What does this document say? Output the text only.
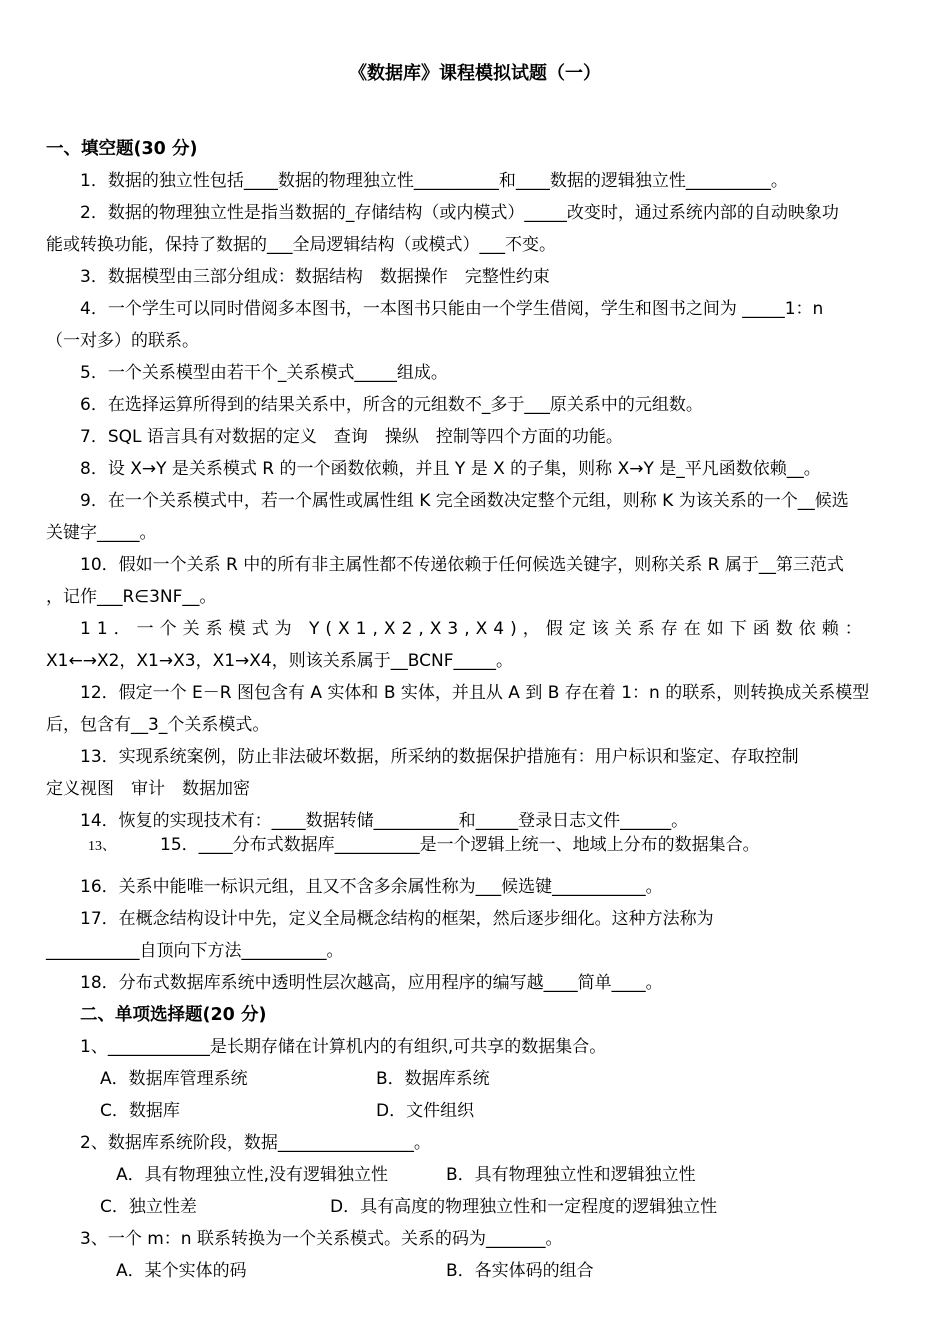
《数据库》课程模拟试题（一）
一、填空题(30 分)
1．数据的独立性包括____数据的物理独立性__________和____数据的逻辑独立性__________。
2．数据的物理独立性是指当数据的_存储结构（或内模式）_____改变时，通过系统内部的自动映象功
能或转换功能，保持了数据的___全局逻辑结构（或模式）___不变。
3．数据模型由三部分组成：数据结构　数据操作　完整性约束
4．一个学生可以同时借阅多本图书，一本图书只能由一个学生借阅，学生和图书之间为 _____1：n
（一对多）的联系。
5．一个关系模型由若干个_关系模式_____组成。
6．在选择运算所得到的结果关系中，所含的元组数不_多于___原关系中的元组数。
7．SQL 语言具有对数据的定义　查询　操纵　控制等四个方面的功能。
8．设 X→Y 是关系模式 R 的一个函数依赖，并且 Y 是 X 的子集，则称 X→Y 是_平凡函数依赖__。
9．在一个关系模式中，若一个属性或属性组 K 完全函数决定整个元组，则称 K 为该关系的一个__候选
关键字_____。
10．假如一个关系 R 中的所有非主属性都不传递依赖于任何候选关键字，则称关系 R 属于__第三范式
，记作___R∈3NF__。
11．一个关系模式为 Y(X1,X2,X3,X4)，假定该关系存在如下函数依赖：
X1←→X2，X1→X3，X1→X4，则该关系属于__BCNF_____。
12．假定一个 E－R 图包含有 A 实体和 B 实体，并且从 A 到 B 存在着 1：n 的联系，则转换成关系模型
后，包含有__3_个关系模式。
13．实现系统案例，防止非法破坏数据，所采纳的数据保护措施有：用户标识和鉴定、存取控制
定义视图　审计　数据加密
14．恢复的实现技术有：____数据转储__________和_____登录日志文件______。
13、	15．____分布式数据库__________是一个逻辑上统一、地域上分布的数据集合。
16．关系中能唯一标识元组，且又不含多余属性称为___候选键___________。
17．在概念结构设计中先，定义全局概念结构的框架，然后逐步细化。这种方法称为
___________自顶向下方法__________。
18．分布式数据库系统中透明性层次越高，应用程序的编写越____简单____。
二、单项选择题(20 分)
1、____________是长期存储在计算机内的有组织,可共享的数据集合。
A．数据库管理系统	B．数据库系统
C．数据库	D．文件组织
2、数据库系统阶段，数据________________。
A．具有物理独立性,没有逻辑独立性	B．具有物理独立性和逻辑独立性
C．独立性差	D．具有高度的物理独立性和一定程度的逻辑独立性
3、一个 m：n 联系转换为一个关系模式。关系的码为_______。
A．某个实体的码	B．各实体码的组合
